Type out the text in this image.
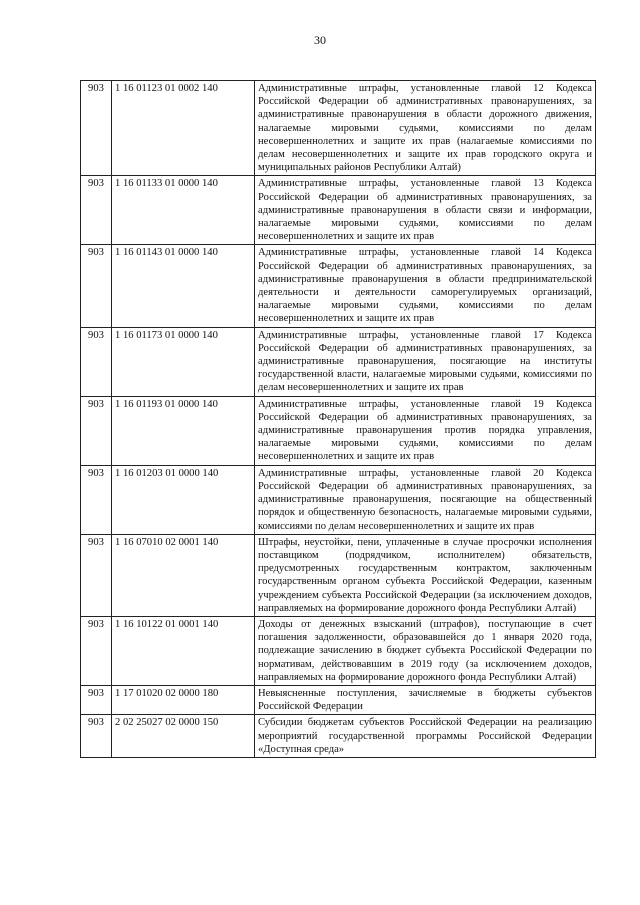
30
903	1 16 01123 01 0002 140	Административные штрафы, установленные главой 12 Кодекса Российской Федерации об административных правонарушениях, за административные правонарушения в области дорожного движения, налагаемые мировыми судьями, комиссиями по делам несовершеннолетних и защите их прав (налагаемые комиссиями по делам несовершеннолетних и защите их прав городского округа и муниципальных районов Республики Алтай)
903	1 16 01133 01 0000 140	Административные штрафы, установленные главой 13 Кодекса Российской Федерации об административных правонарушениях, за административные правонарушения в области связи и информации, налагаемые мировыми судьями, комиссиями по делам несовершеннолетних и защите их прав
903	1 16 01143 01 0000 140	Административные штрафы, установленные главой 14 Кодекса Российской Федерации об административных правонарушениях, за административные правонарушения в области предпринимательской деятельности и деятельности саморегулируемых организаций, налагаемые мировыми судьями, комиссиями по делам несовершеннолетних и защите их прав
903	1 16 01173 01 0000 140	Административные штрафы, установленные главой 17 Кодекса Российской Федерации об административных правонарушениях, за административные правонарушения, посягающие на институты государственной власти, налагаемые мировыми судьями, комиссиями по делам несовершеннолетних и защите их прав
903	1 16 01193 01 0000 140	Административные штрафы, установленные главой 19 Кодекса Российской Федерации об административных правонарушениях, за административные правонарушения против порядка управления, налагаемые мировыми судьями, комиссиями по делам несовершеннолетних и защите их прав
903	1 16 01203 01 0000 140	Административные штрафы, установленные главой 20 Кодекса Российской Федерации об административных правонарушениях, за административные правонарушения, посягающие на общественный порядок и общественную безопасность, налагаемые мировыми судьями, комиссиями по делам несовершеннолетних и защите их прав
903	1 16 07010 02 0001 140	Штрафы, неустойки, пени, уплаченные в случае просрочки исполнения поставщиком (подрядчиком, исполнителем) обязательств, предусмотренных государственным контрактом, заключенным государственным органом субъекта Российской Федерации, казенным учреждением субъекта Российской Федерации (за исключением доходов, направляемых на формирование дорожного фонда Республики Алтай)
903	1 16 10122 01 0001 140	Доходы от денежных взысканий (штрафов), поступающие в счет погашения задолженности, образовавшейся до 1 января 2020 года, подлежащие зачислению в бюджет субъекта Российской Федерации по нормативам, действовавшим в 2019 году (за исключением доходов, направляемых на формирование дорожного фонда Республики Алтай)
903	1 17 01020 02 0000 180	Невыясненные поступления, зачисляемые в бюджеты субъектов Российской Федерации
903	2 02 25027 02 0000 150	Субсидии бюджетам субъектов Российской Федерации на реализацию мероприятий государственной программы Российской Федерации «Доступная среда»
